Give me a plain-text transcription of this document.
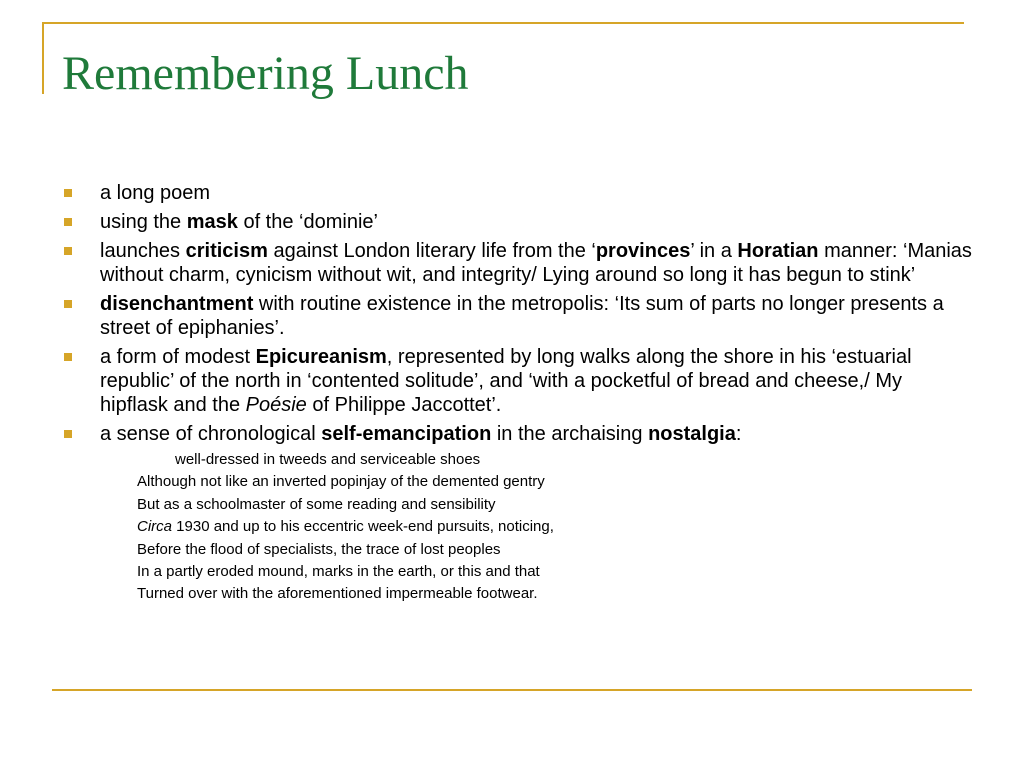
Remembering Lunch
a long poem
using the mask of the ‘dominie’
launches criticism against London literary life from the ‘provinces’ in a Horatian manner: ‘Manias without charm, cynicism without wit, and integrity/ Lying around so long it has begun to stink’
disenchantment with routine existence in the metropolis: ‘Its sum of parts no longer presents a street of epiphanies’.
a form of modest Epicureanism, represented by long walks along the shore in his ‘estuarial republic’ of the north in ‘contented solitude’, and ‘with a pocketful of bread and cheese,/ My hipflask and the Poésie of Philippe Jaccottet’.
a sense of chronological self-emancipation in the archaising nostalgia:
well-dressed in tweeds and serviceable shoes
Although not like an inverted popinjay of the demented gentry
But as a schoolmaster of some reading and sensibility
Circa 1930 and up to his eccentric week-end pursuits, noticing,
Before the flood of specialists, the trace of lost peoples
In a partly eroded mound, marks in the earth, or this and that
Turned over with the aforementioned impermeable footwear.
